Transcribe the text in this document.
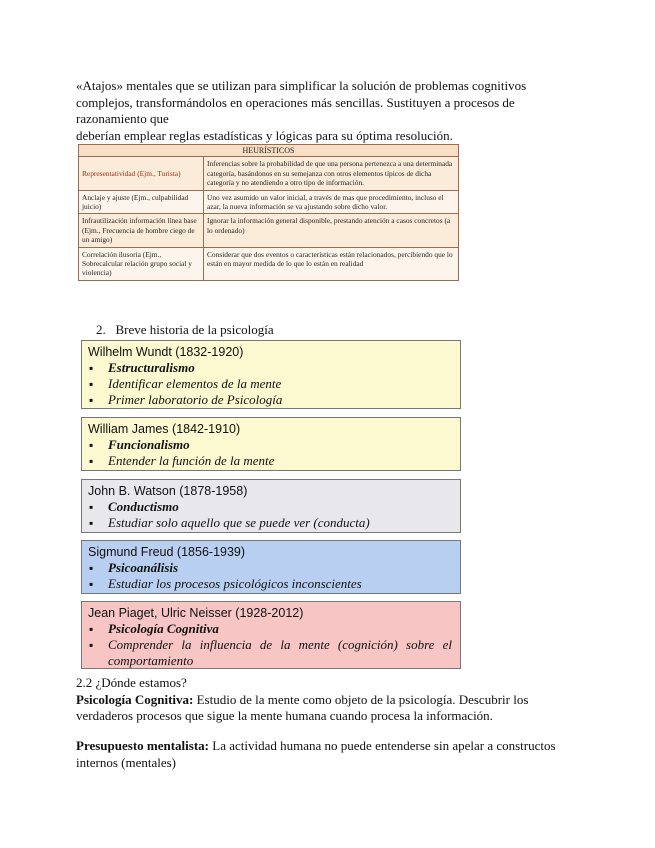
«Atajos» mentales que se utilizan para simplificar la solución de problemas cognitivos

complejos, transformándolos en operaciones más sencillas. Sustituyen a procesos de

razonamiento que

deberían emplear reglas estadísticas y lógicas para su óptima resolución.

HEURÍSTICOS	
Representatividad (Ejm., Turista)	Inferencias sobre la probabilidad de que una persona pertenezca a una determinada categoría, basándonos en su semejanza con otros elementos típicos de dicha categoría y no atendiendo a otro tipo de información.
Anclaje y ajuste (Ejm., culpabilidad juicio)	Uno vez asumido un valor inicial, a través de mas que procedimiento, incluso el azar, la nueva información se va ajustando sobre dicho valor.
Infrautilización información línea base (Ejm., Frecuencia de hombre ciego de un amigo)	Ignorar la información general disponible, prestando atención a casos concretos (a lo ordenado)
Correlación ilusoria (Ejm., Sobrecalcular relación grupo social y violencia)	Considerar que dos eventos o características están relacionados, percibiendo que lo están en mayor medida de lo que lo están en realidad
2. Breve historia de la psicología
Wilhelm Wundt (1832-1920)
▪ Estructuralismo
▪ Identificar elementos de la mente
▪ Primer laboratorio de Psicología
William James (1842-1910)
▪ Funcionalismo
▪ Entender la función de la mente
John B. Watson (1878-1958)
▪ Conductismo
▪ Estudiar solo aquello que se puede ver (conducta)
Sigmund Freud (1856-1939)
▪ Psicoanálisis
▪ Estudiar los procesos psicológicos inconscientes
Jean Piaget, Ulric Neisser (1928-2012)
▪ Psicología Cognitiva
▪ Comprender la influencia de la mente (cognición) sobre el
comportamiento

2.2 ¿Dónde estamos?

Psicología Cognitiva: Estudio de la mente como objeto de la psicología. Descubrir los

verdaderos procesos que sigue la mente humana cuando procesa la información.

Presupuesto mentalista: La actividad humana no puede entenderse sin apelar a constructos

internos (mentales)
